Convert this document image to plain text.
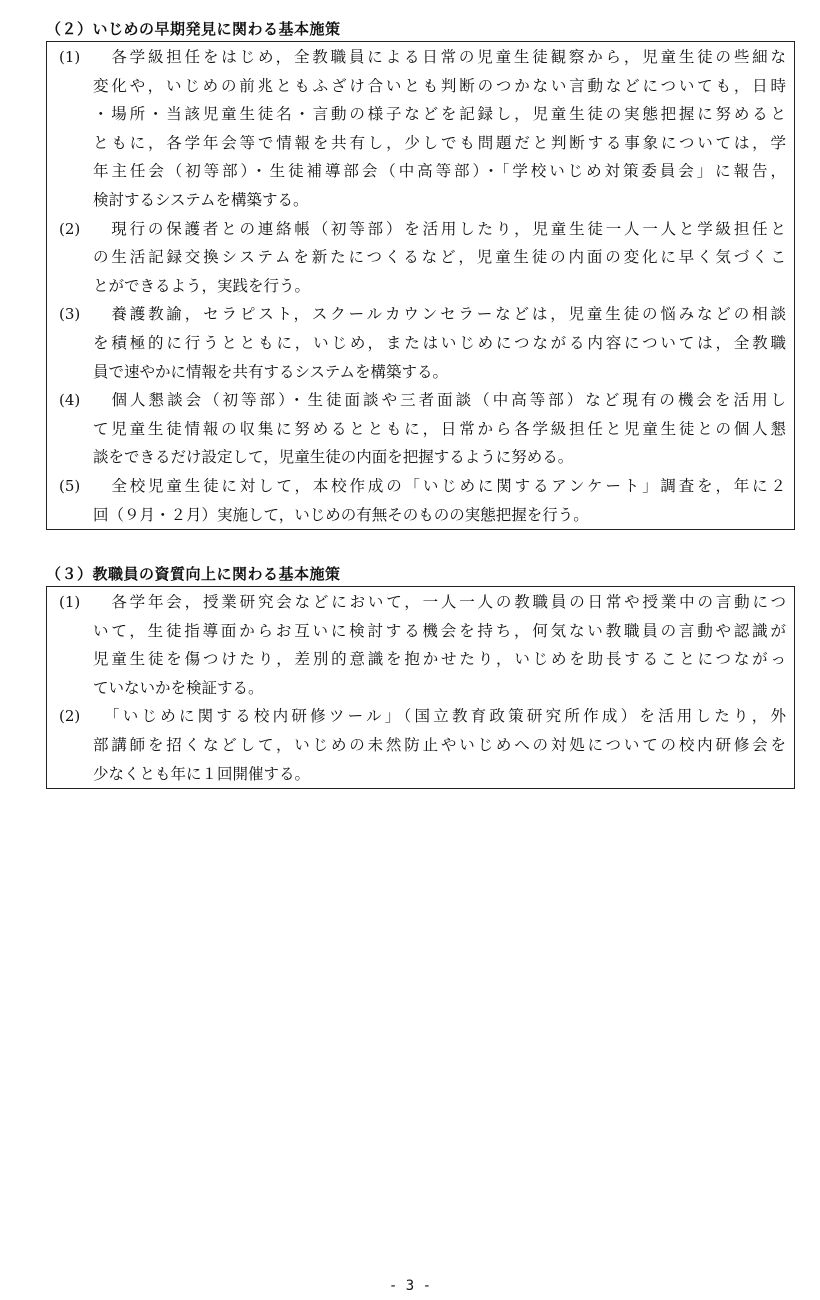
（２）いじめの早期発見に関わる基本施策
(1) 　各学級担任をはじめ，全教職員による日常の児童生徒観察から，児童生徒の些細な
変化や，いじめの前兆ともふざけ合いとも判断のつかない言動などについても，日時
・場所・当該児童生徒名・言動の様子などを記録し，児童生徒の実態把握に努めると
ともに，各学年会等で情報を共有し，少しでも問題だと判断する事象については，学
年主任会（初等部）・生徒補導部会（中高等部）・「学校いじめ対策委員会」に報告，
検討するシステムを構築する。
(2) 　現行の保護者との連絡帳（初等部）を活用したり，児童生徒一人一人と学級担任と
の生活記録交換システムを新たにつくるなど，児童生徒の内面の変化に早く気づくこ
とができるよう，実践を行う。
(3) 　養護教諭，セラピスト，スクールカウンセラーなどは，児童生徒の悩みなどの相談
を積極的に行うとともに，いじめ，またはいじめにつながる内容については，全教職
員で速やかに情報を共有するシステムを構築する。
(4) 　個人懇談会（初等部）・生徒面談や三者面談（中高等部）など現有の機会を活用し
て児童生徒情報の収集に努めるとともに，日常から各学級担任と児童生徒との個人懇
談をできるだけ設定して，児童生徒の内面を把握するように努める。
(5) 　全校児童生徒に対して，本校作成の「いじめに関するアンケート」調査を，年に２
回（９月・２月）実施して，いじめの有無そのものの実態把握を行う。
（３）教職員の資質向上に関わる基本施策
(1) 　各学年会，授業研究会などにおいて，一人一人の教職員の日常や授業中の言動につ
いて，生徒指導面からお互いに検討する機会を持ち，何気ない教職員の言動や認識が
児童生徒を傷つけたり，差別的意識を抱かせたり，いじめを助長することにつながっ
ていないかを検証する。
(2) 　「いじめに関する校内研修ツール」（国立教育政策研究所作成）を活用したり，外
部講師を招くなどして，いじめの未然防止やいじめへの対処についての校内研修会を
少なくとも年に１回開催する。
- 3 -
